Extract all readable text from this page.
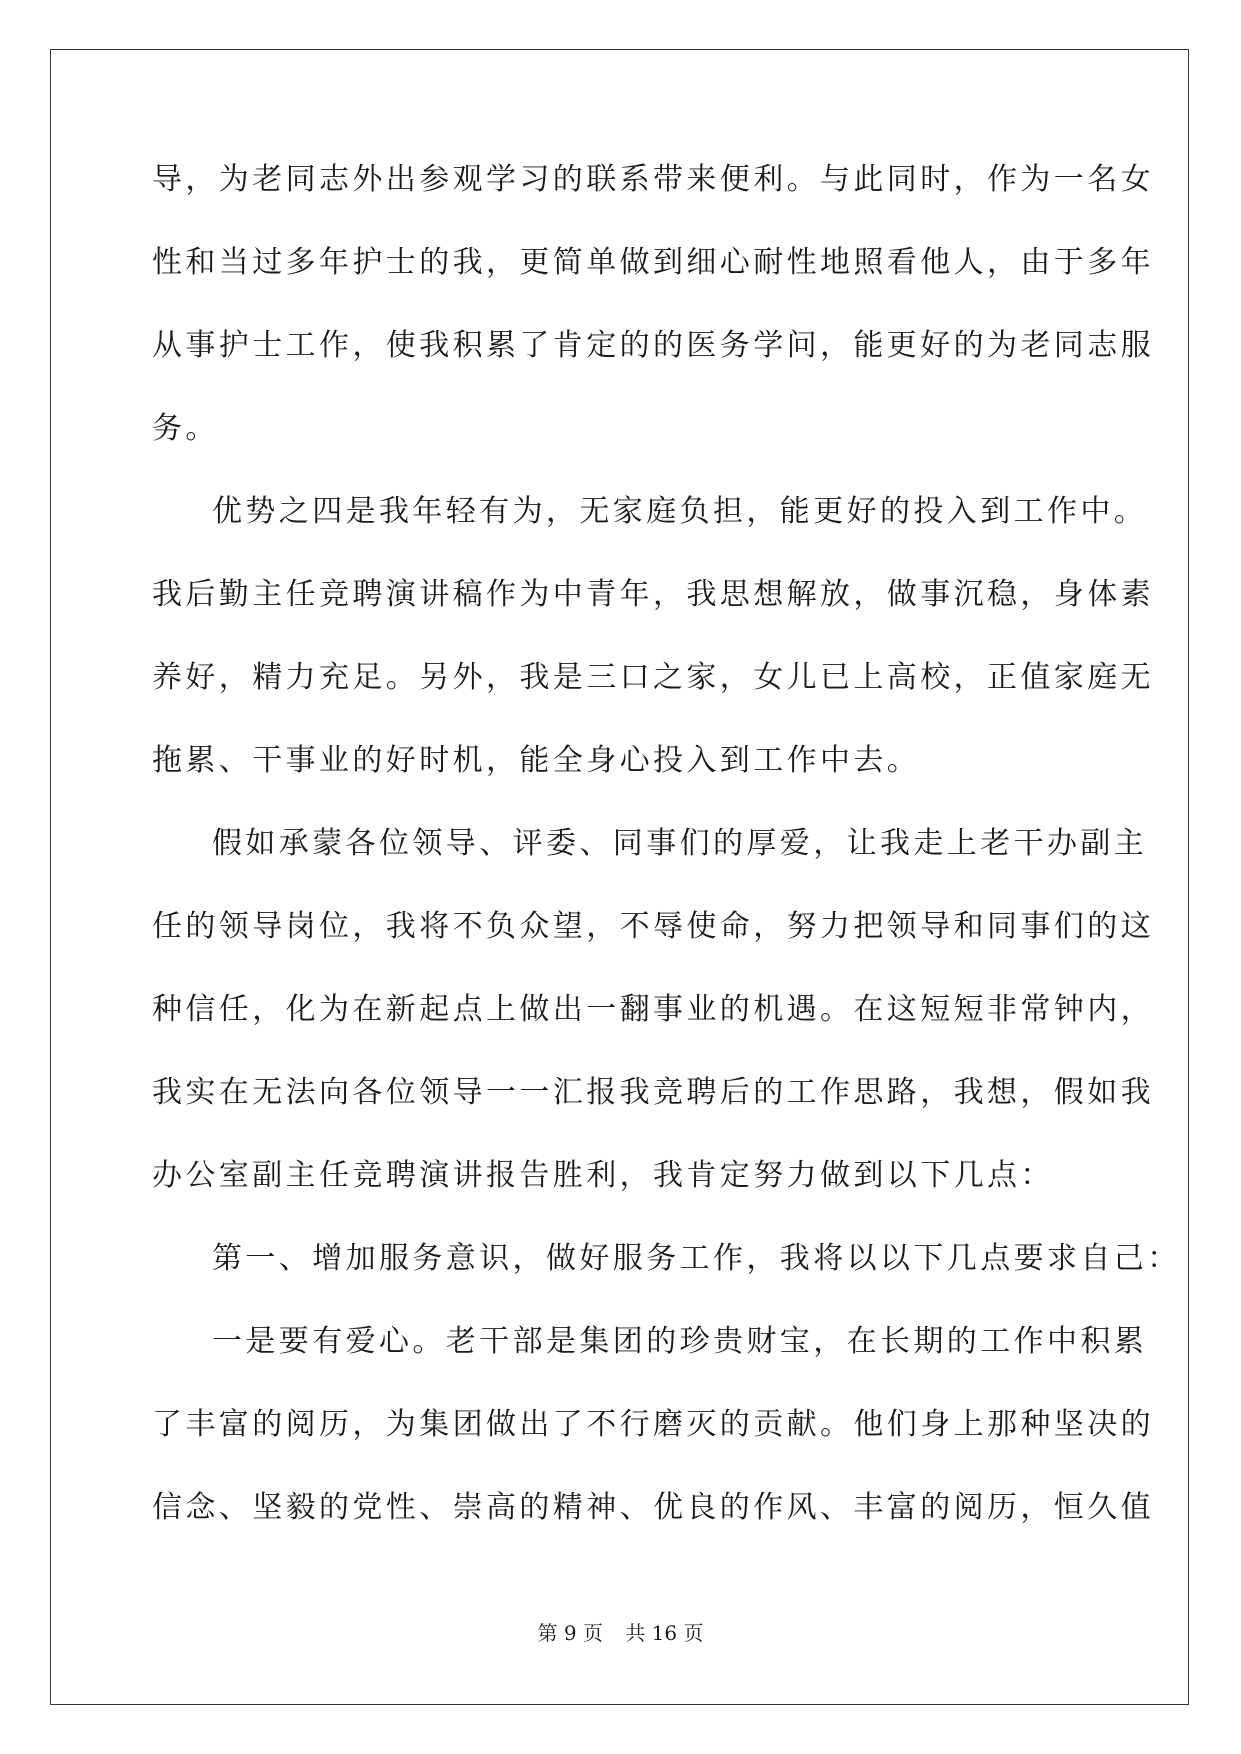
导，为老同志外出参观学习的联系带来便利。与此同时，作为一名女
性和当过多年护士的我，更简单做到细心耐性地照看他人，由于多年
从事护士工作，使我积累了肯定的的医务学问，能更好的为老同志服
务。
优势之四是我年轻有为，无家庭负担，能更好的投入到工作中。
我后勤主任竞聘演讲稿作为中青年，我思想解放，做事沉稳，身体素
养好，精力充足。另外，我是三口之家，女儿已上高校，正值家庭无
拖累、干事业的好时机，能全身心投入到工作中去。
假如承蒙各位领导、评委、同事们的厚爱，让我走上老干办副主
任的领导岗位，我将不负众望，不辱使命，努力把领导和同事们的这
种信任，化为在新起点上做出一翻事业的机遇。在这短短非常钟内，
我实在无法向各位领导一一汇报我竞聘后的工作思路，我想，假如我
办公室副主任竞聘演讲报告胜利，我肯定努力做到以下几点：
第一、增加服务意识，做好服务工作，我将以以下几点要求自己：
一是要有爱心。老干部是集团的珍贵财宝，在长期的工作中积累
了丰富的阅历，为集团做出了不行磨灭的贡献。他们身上那种坚决的
信念、坚毅的党性、崇高的精神、优良的作风、丰富的阅历，恒久值
第 9 页 共 16 页
